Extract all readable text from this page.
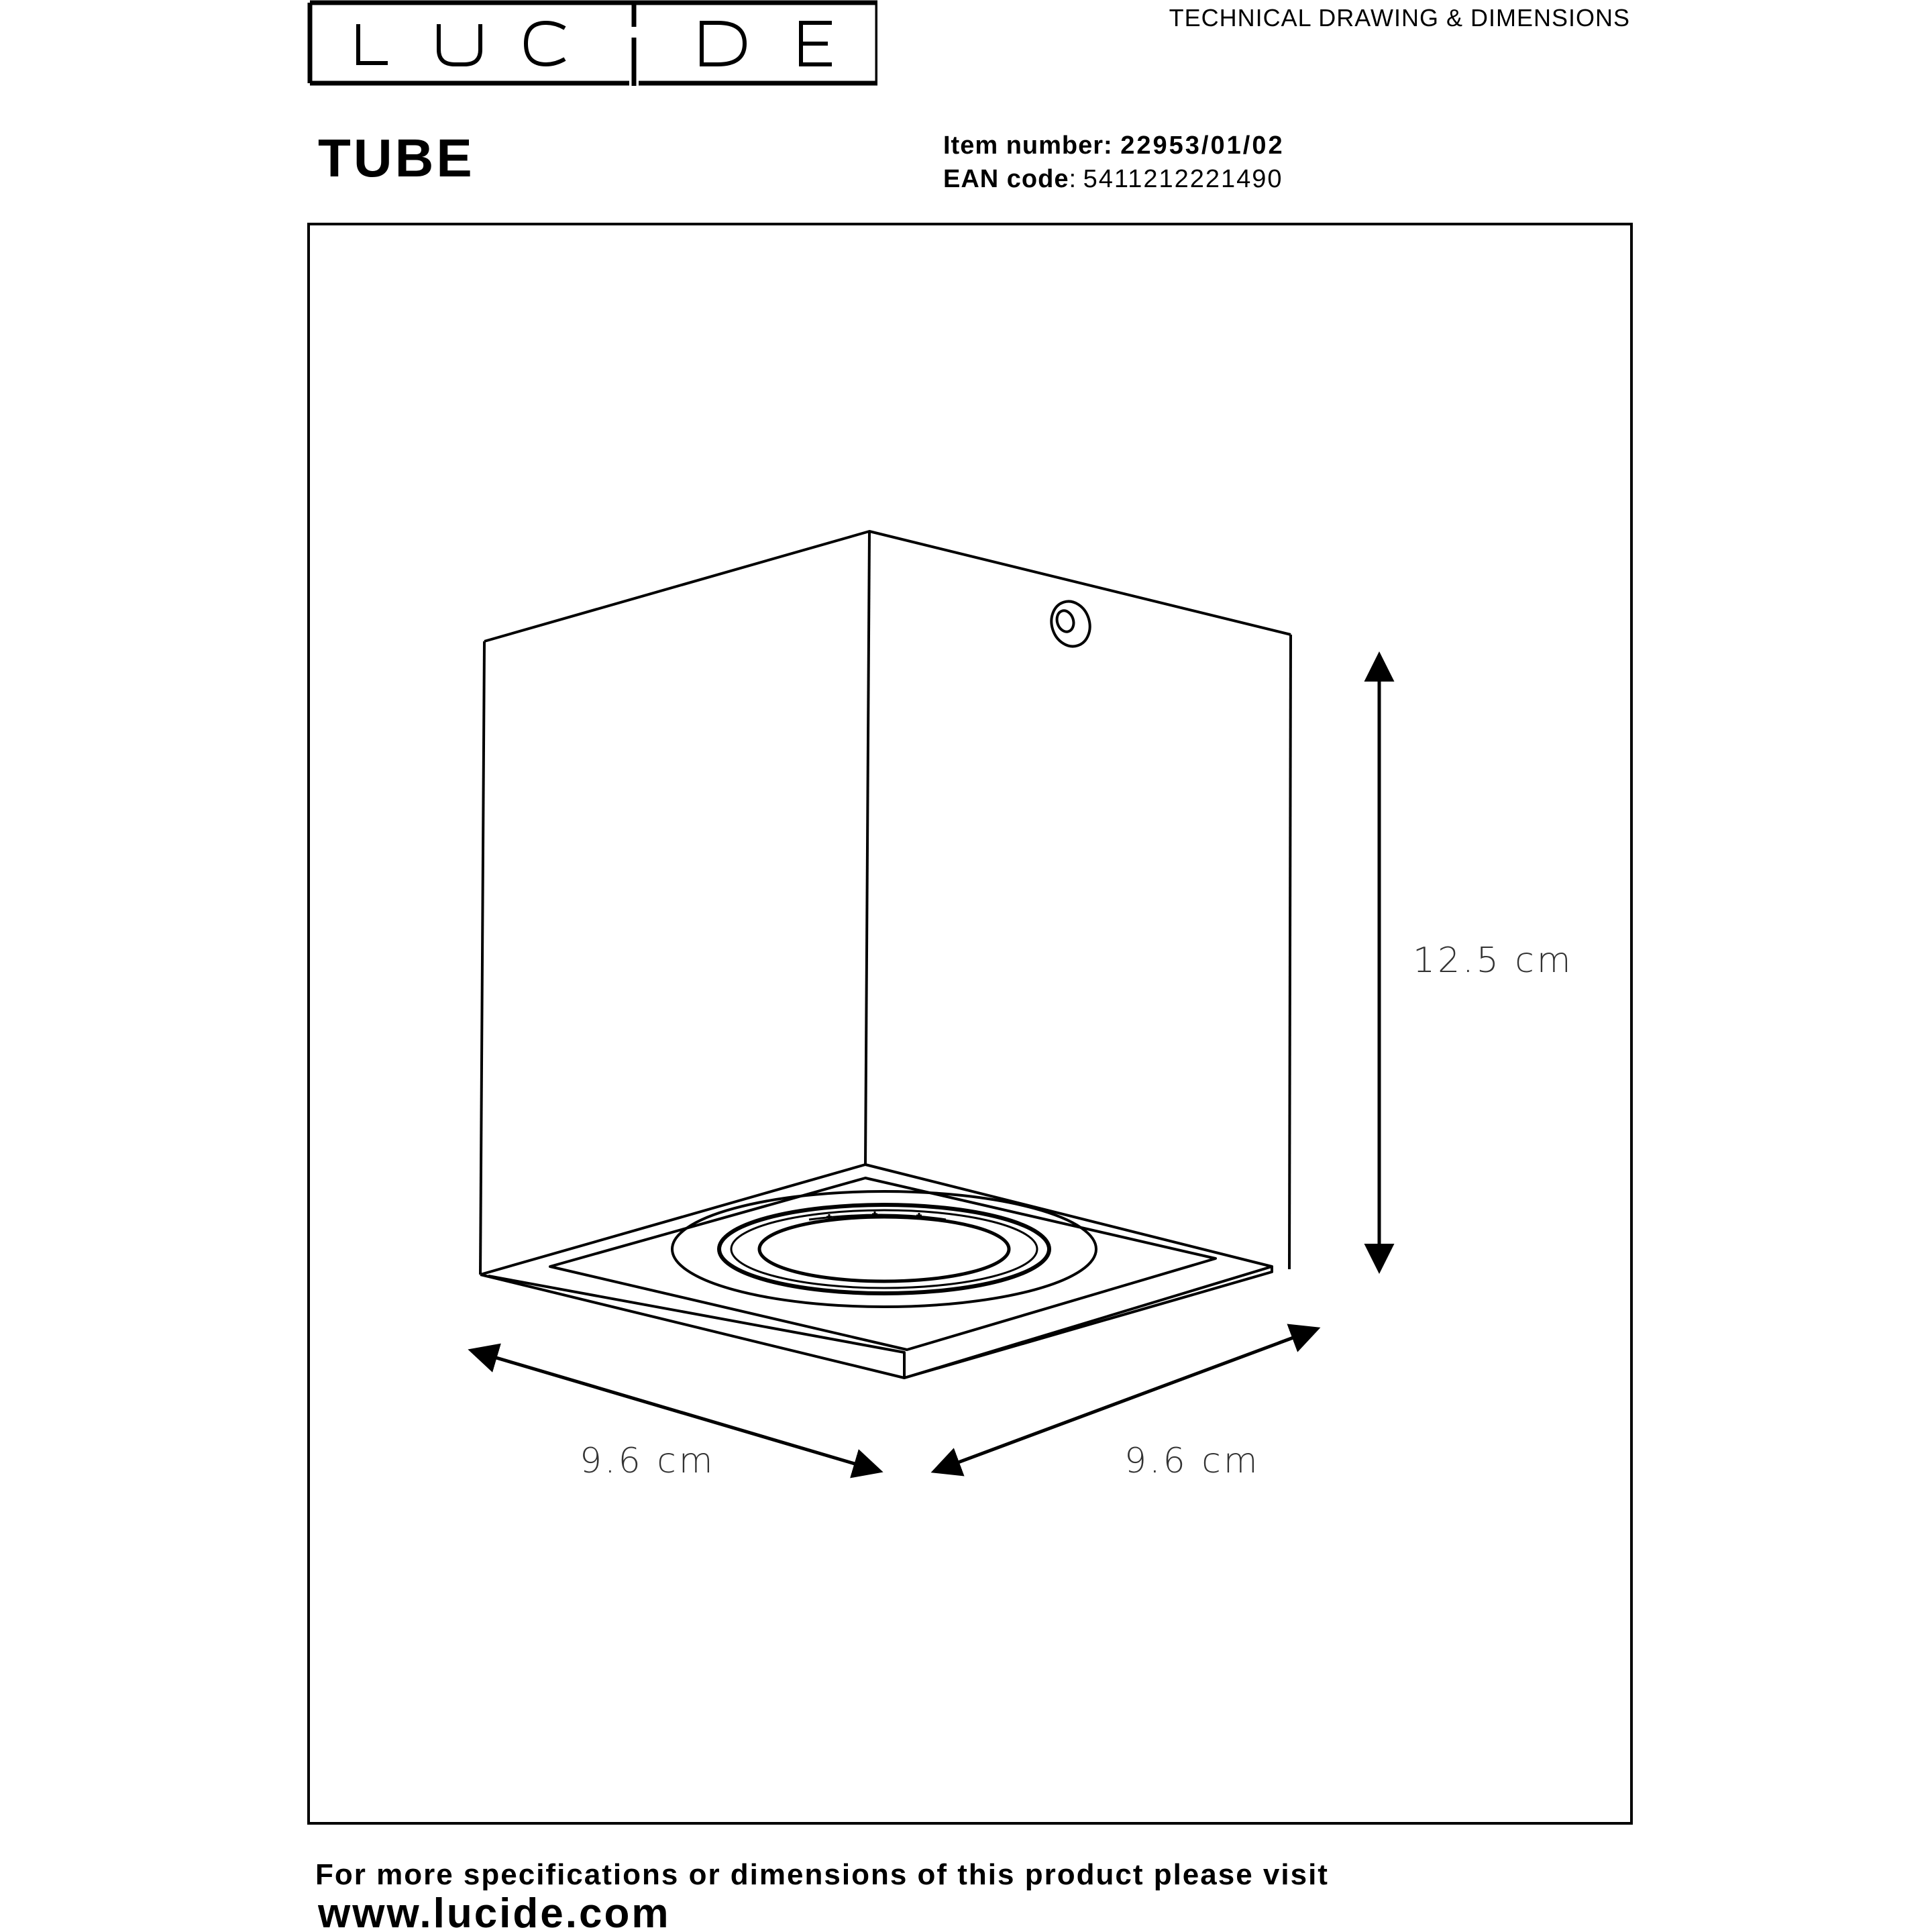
TECHNICAL DRAWING & DIMENSIONS
TUBE	Item number: 22953/01/02
EAN code: 5411212221490
12.5 cm
9.6 cm	9.6 cm
For more specifications or dimensions of this product please visit
www.lucide.com
